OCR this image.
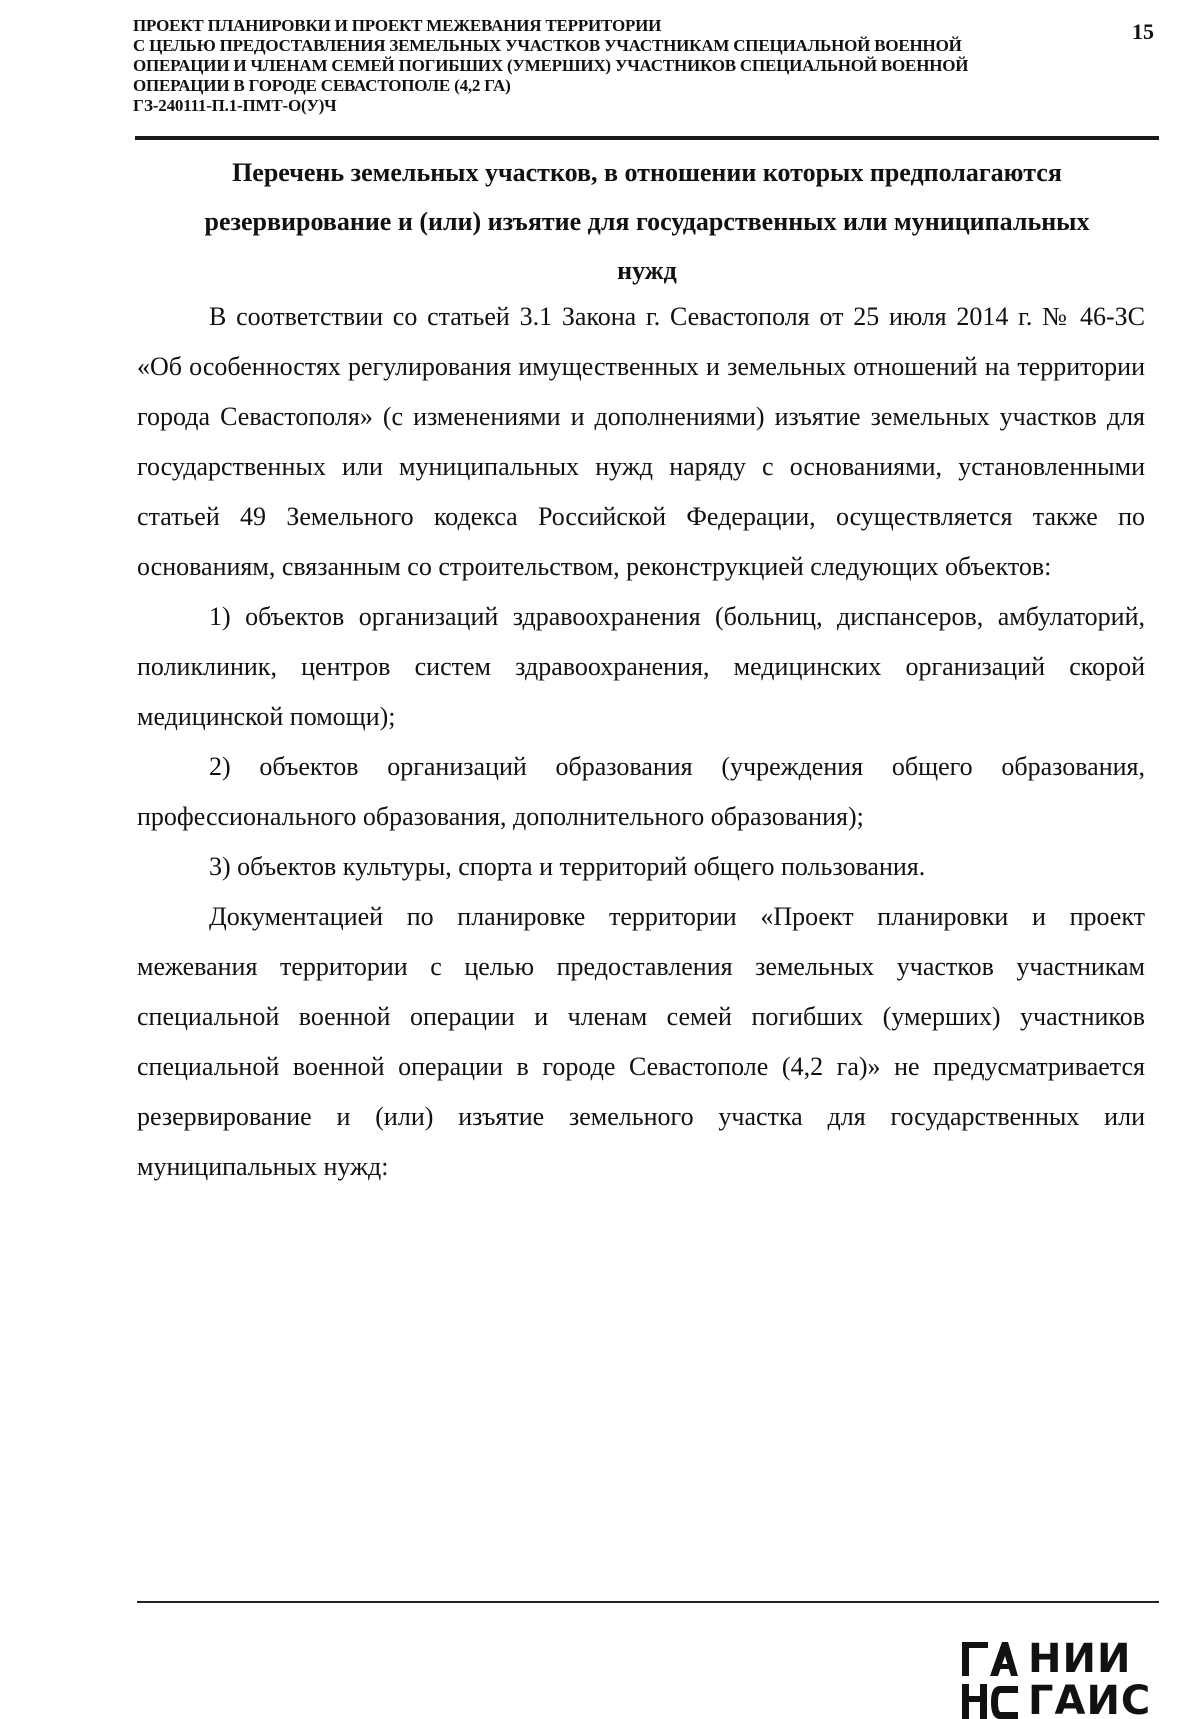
ПРОЕКТ ПЛАНИРОВКИ И ПРОЕКТ МЕЖЕВАНИЯ ТЕРРИТОРИИ
С ЦЕЛЬЮ ПРЕДОСТАВЛЕНИЯ ЗЕМЕЛЬНЫХ УЧАСТКОВ УЧАСТНИКАМ СПЕЦИАЛЬНОЙ ВОЕННОЙ
ОПЕРАЦИИ И ЧЛЕНАМ СЕМЕЙ ПОГИБШИХ (УМЕРШИХ) УЧАСТНИКОВ СПЕЦИАЛЬНОЙ ВОЕННОЙ
ОПЕРАЦИИ В ГОРОДЕ СЕВАСТОПОЛЕ (4,2 ГА)
ГЗ-240111-П.1-ПМТ-О(У)Ч
15
Перечень земельных участков, в отношении которых предполагаются
резервирование и (или) изъятие для государственных или муниципальных
нужд

В соответствии со статьей 3.1 Закона г. Севастополя от 25 июля 2014 г. № 46-ЗС «Об особенностях регулирования имущественных и земельных отношений на территории города Севастополя» (с изменениями и дополнениями) изъятие земельных участков для государственных или муниципальных нужд наряду с основаниями, установленными статьей 49 Земельного кодекса Российской Федерации, осуществляется также по основаниям, связанным со строительством, реконструкцией следующих объектов:

1) объектов организаций здравоохранения (больниц, диспансеров, амбулаторий, поликлиник, центров систем здравоохранения, медицинских организаций скорой медицинской помощи);

2) объектов организаций образования (учреждения общего образования, профессионального образования, дополнительного образования);

3) объектов культуры, спорта и территорий общего пользования.

Документацией по планировке территории «Проект планировки и проект межевания территории с целью предоставления земельных участков участникам специальной военной операции и членам семей погибших (умерших) участников специальной военной операции в городе Севастополе (4,2 га)» не предусматривается резервирование и (или) изъятие земельного участка для государственных или муниципальных нужд:

НИИ
ГАИС
